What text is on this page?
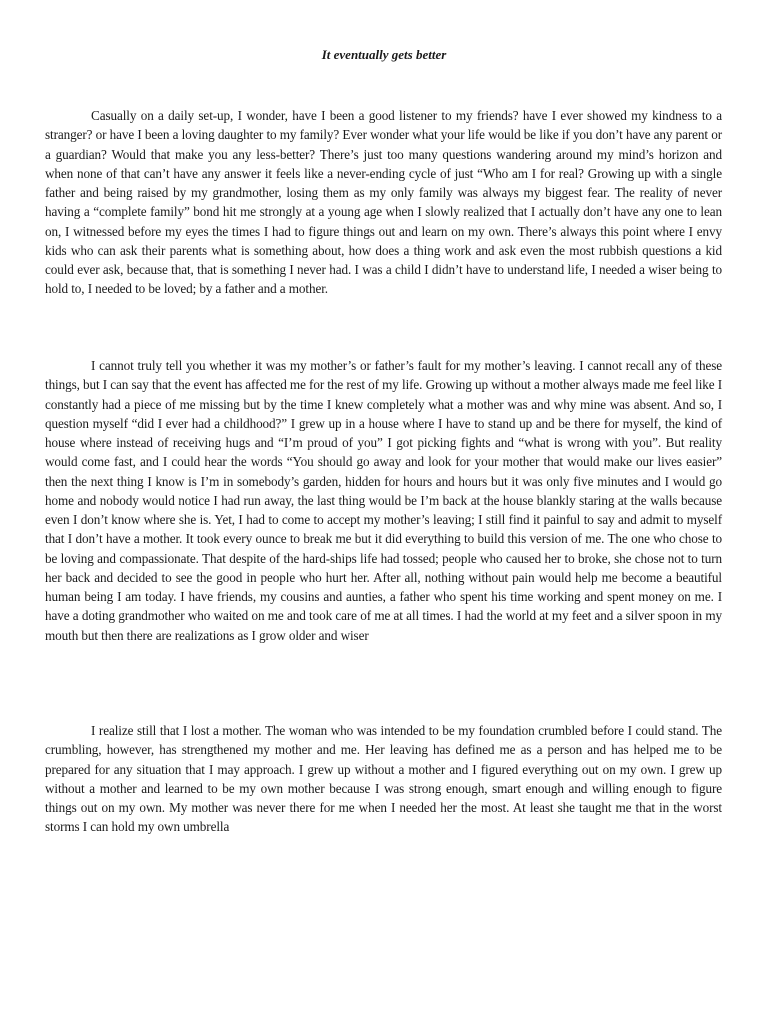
It eventually gets better

Casually on a daily set-up, I wonder, have I been a good listener to my friends? have I ever showed my kindness to a stranger? or have I been a loving daughter to my family? Ever wonder what your life would be like if you don’t have any parent or a guardian? Would that make you any less-better? There’s just too many questions wandering around my mind’s horizon and when none of that can’t have any answer it feels like a never-ending cycle of just “Who am I for real? Growing up with a single father and being raised by my grandmother, losing them as my only family was always my biggest fear. The reality of never having a “complete family” bond hit me strongly at a young age when I slowly realized that I actually don’t have any one to lean on, I witnessed before my eyes the times I had to figure things out and learn on my own. There’s always this point where I envy kids who can ask their parents what is something about, how does a thing work and ask even the most rubbish questions a kid could ever ask, because that, that is something I never had. I was a child I didn’t have to understand life, I needed a wiser being to hold to, I needed to be loved; by a father and a mother.

I cannot truly tell you whether it was my mother’s or father’s fault for my mother’s leaving. I cannot recall any of these things, but I can say that the event has affected me for the rest of my life. Growing up without a mother always made me feel like I constantly had a piece of me missing but by the time I knew completely what a mother was and why mine was absent. And so, I question myself “did I ever had a childhood?” I grew up in a house where I have to stand up and be there for myself, the kind of house where instead of receiving hugs and “I’m proud of you” I got picking fights and “what is wrong with you”. But reality would come fast, and I could hear the words “You should go away and look for your mother that would make our lives easier” then the next thing I know is I’m in somebody’s garden, hidden for hours and hours but it was only five minutes and I would go home and nobody would notice I had run away, the last thing would be I’m back at the house blankly staring at the walls because even I don’t know where she is. Yet, I had to come to accept my mother’s leaving; I still find it painful to say and admit to myself that I don’t have a mother. It took every ounce to break me but it did everything to build this version of me. The one who chose to be loving and compassionate. That despite of the hard-ships life had tossed; people who caused her to broke, she chose not to turn her back and decided to see the good in people who hurt her. After all, nothing without pain would help me become a beautiful human being I am today. I have friends, my cousins and aunties, a father who spent his time working and spent money on me. I have a doting grandmother who waited on me and took care of me at all times. I had the world at my feet and a silver spoon in my mouth but then there are realizations as I grow older and wiser

I realize still that I lost a mother. The woman who was intended to be my foundation crumbled before I could stand. The crumbling, however, has strengthened my mother and me. Her leaving has defined me as a person and has helped me to be prepared for any situation that I may approach. I grew up without a mother and I figured everything out on my own. I grew up without a mother and learned to be my own mother because I was strong enough, smart enough and willing enough to figure things out on my own. My mother was never there for me when I needed her the most. At least she taught me that in the worst storms I can hold my own umbrella
